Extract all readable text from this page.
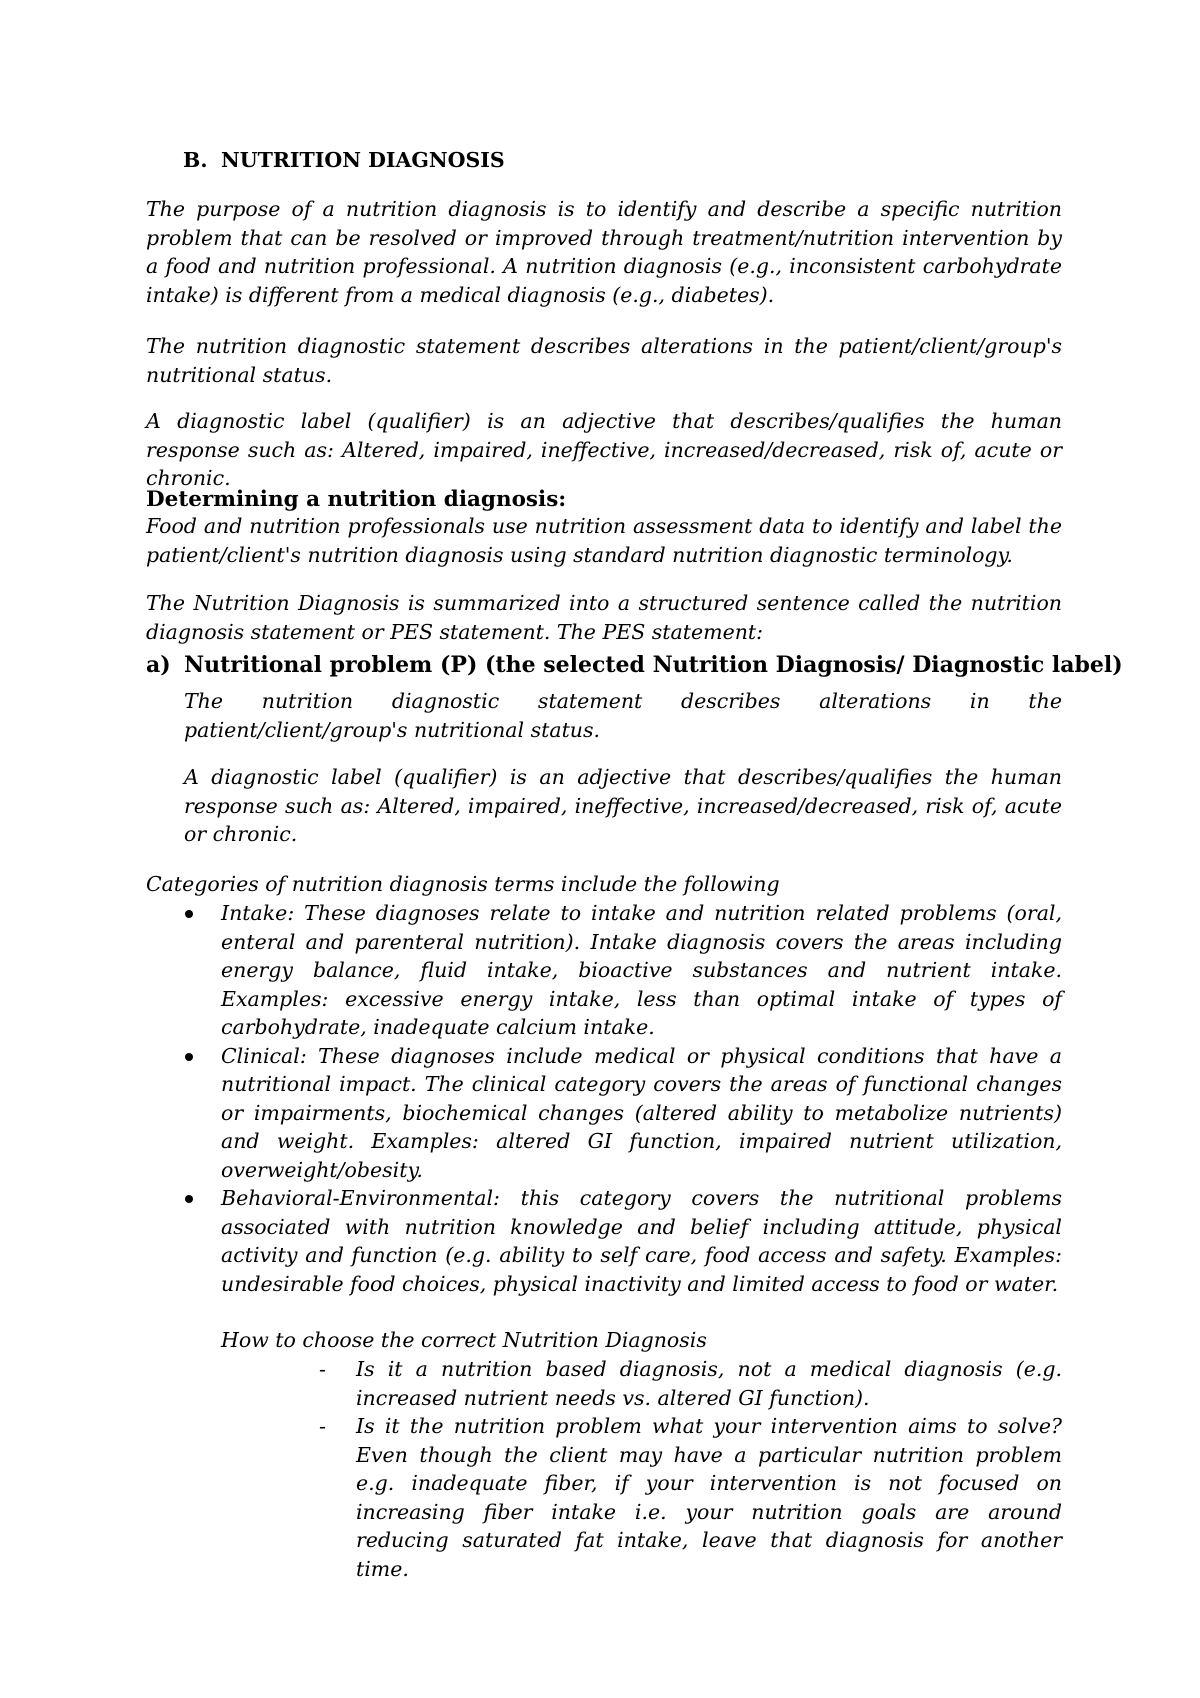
B. NUTRITION DIAGNOSIS
The purpose of a nutrition diagnosis is to identify and describe a specific nutrition problem that can be resolved or improved through treatment/nutrition intervention by a food and nutrition professional. A nutrition diagnosis (e.g., inconsistent carbohydrate intake) is different from a medical diagnosis (e.g., diabetes).
The nutrition diagnostic statement describes alterations in the patient/client/group's nutritional status.
A diagnostic label (qualifier) is an adjective that describes/qualifies the human response such as: Altered, impaired, ineffective, increased/decreased, risk of, acute or chronic.
Determining a nutrition diagnosis:
Food and nutrition professionals use nutrition assessment data to identify and label the patient/client's nutrition diagnosis using standard nutrition diagnostic terminology.
The Nutrition Diagnosis is summarized into a structured sentence called the nutrition diagnosis statement or PES statement. The PES statement:
a) Nutritional problem (P) (the selected Nutrition Diagnosis/ Diagnostic label)
The nutrition diagnostic statement describes alterations in the patient/client/group's nutritional status.
A diagnostic label (qualifier) is an adjective that describes/qualifies the human response such as: Altered, impaired, ineffective, increased/decreased, risk of, acute or chronic.
Categories of nutrition diagnosis terms include the following
Intake: These diagnoses relate to intake and nutrition related problems (oral, enteral and parenteral nutrition). Intake diagnosis covers the areas including energy balance, fluid intake, bioactive substances and nutrient intake. Examples: excessive energy intake, less than optimal intake of types of carbohydrate, inadequate calcium intake.
Clinical: These diagnoses include medical or physical conditions that have a nutritional impact. The clinical category covers the areas of functional changes or impairments, biochemical changes (altered ability to metabolize nutrients) and weight. Examples: altered GI function, impaired nutrient utilization, overweight/obesity.
Behavioral-Environmental: this category covers the nutritional problems associated with nutrition knowledge and belief including attitude, physical activity and function (e.g. ability to self care, food access and safety. Examples: undesirable food choices, physical inactivity and limited access to food or water.
How to choose the correct Nutrition Diagnosis
- Is it a nutrition based diagnosis, not a medical diagnosis (e.g. increased nutrient needs vs. altered GI function).
- Is it the nutrition problem what your intervention aims to solve? Even though the client may have a particular nutrition problem e.g. inadequate fiber, if your intervention is not focused on increasing fiber intake i.e. your nutrition goals are around reducing saturated fat intake, leave that diagnosis for another time.
